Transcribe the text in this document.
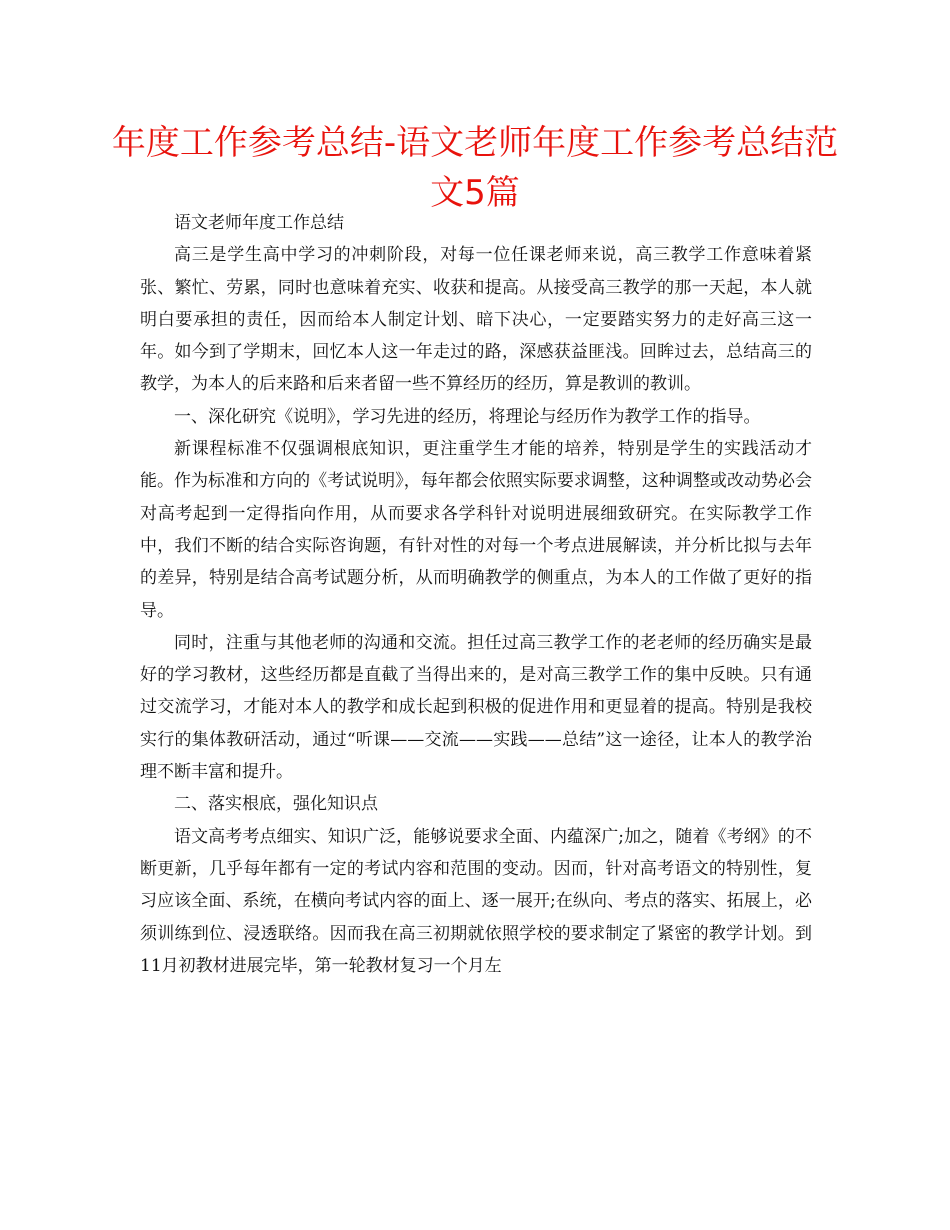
年度工作参考总结-语文老师年度工作参考总结范文5篇

语文老师年度工作总结

高三是学生高中学习的冲刺阶段，对每一位任课老师来说，高三教学工作意味着紧张、繁忙、劳累，同时也意味着充实、收获和提高。从接受高三教学的那一天起，本人就明白要承担的责任，因而给本人制定计划、暗下决心，一定要踏实努力的走好高三这一年。如今到了学期末，回忆本人这一年走过的路，深感获益匪浅。回眸过去，总结高三的教学，为本人的后来路和后来者留一些不算经历的经历，算是教训的教训。

一、深化研究《说明》，学习先进的经历，将理论与经历作为教学工作的指导。

新课程标准不仅强调根底知识，更注重学生才能的培养，特别是学生的实践活动才能。作为标准和方向的《考试说明》，每年都会依照实际要求调整，这种调整或改动势必会对高考起到一定得指向作用，从而要求各学科针对说明进展细致研究。在实际教学工作中，我们不断的结合实际咨询题，有针对性的对每一个考点进展解读，并分析比拟与去年的差异，特别是结合高考试题分析，从而明确教学的侧重点，为本人的工作做了更好的指导。

同时，注重与其他老师的沟通和交流。担任过高三教学工作的老老师的经历确实是最好的学习教材，这些经历都是直截了当得出来的，是对高三教学工作的集中反映。只有通过交流学习，才能对本人的教学和成长起到积极的促进作用和更显着的提高。特别是我校实行的集体教研活动，通过“听课——交流——实践——总结”这一途径，让本人的教学治理不断丰富和提升。

二、落实根底，强化知识点

语文高考考点细实、知识广泛，能够说要求全面、内蕴深广;加之，随着《考纲》的不断更新，几乎每年都有一定的考试内容和范围的变动。因而，针对高考语文的特别性，复习应该全面、系统，在横向考试内容的面上、逐一展开;在纵向、考点的落实、拓展上，必须训练到位、浸透联络。因而我在高三初期就依照学校的要求制定了紧密的教学计划。到11月初教材进展完毕，第一轮教材复习一个月左
